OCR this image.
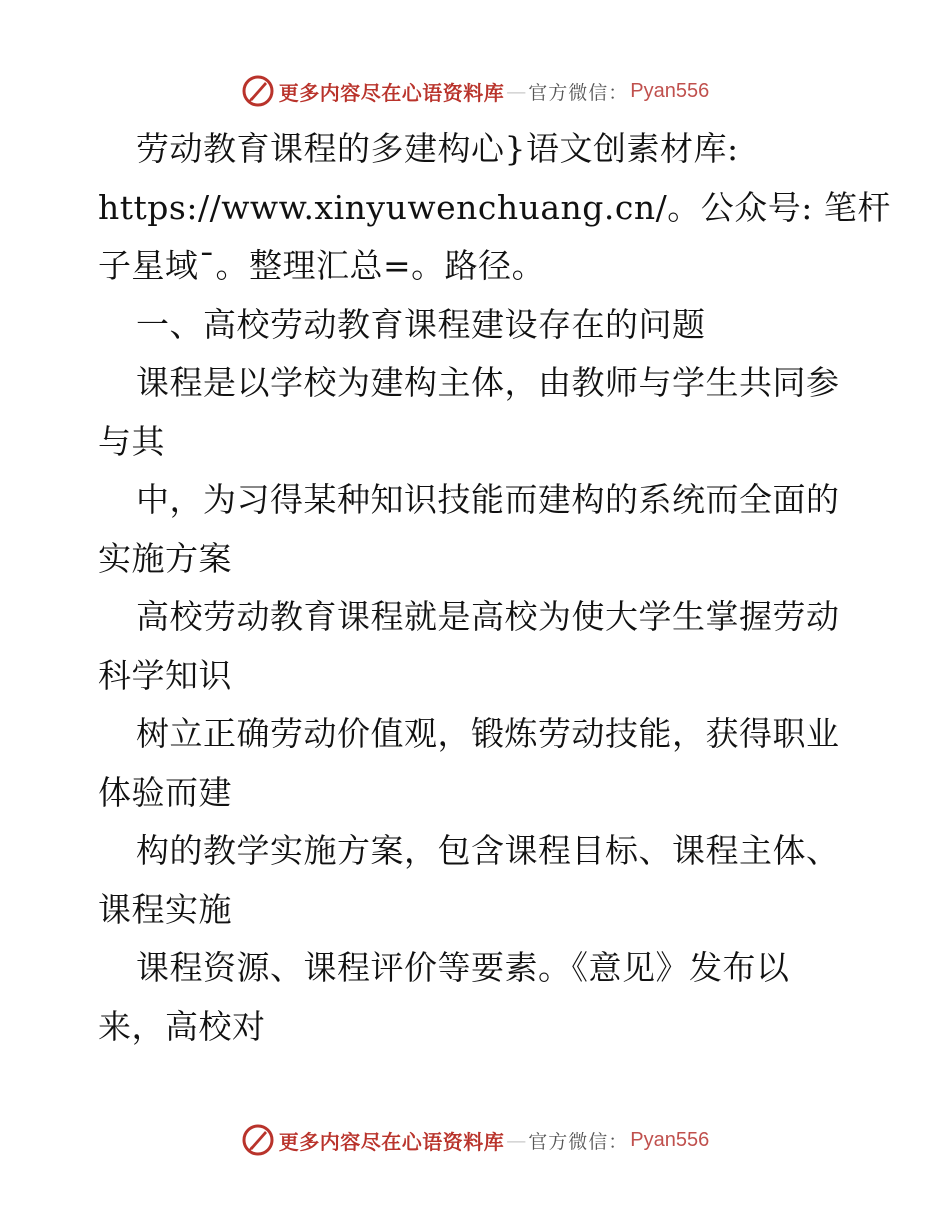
更多内容尽在心语资料库 — 官方微信： Pyan556
劳动教育课程的多建构心}语文创素材库:
https://www.xinyuwenchuang.cn/。公众号: 笔杆
子星域¯。整理汇总=。路径。
一、高校劳动教育课程建设存在的问题
课程是以学校为建构主体，由教师与学生共同参
与其
中，为习得某种知识技能而建构的系统而全面的
实施方案
高校劳动教育课程就是高校为使大学生掌握劳动
科学知识
树立正确劳动价值观，锻炼劳动技能，获得职业
体验而建
构的教学实施方案，包含课程目标、课程主体、
课程实施
课程资源、课程评价等要素。《意见》发布以
来，高校对
更多内容尽在心语资料库 — 官方微信： Pyan556
